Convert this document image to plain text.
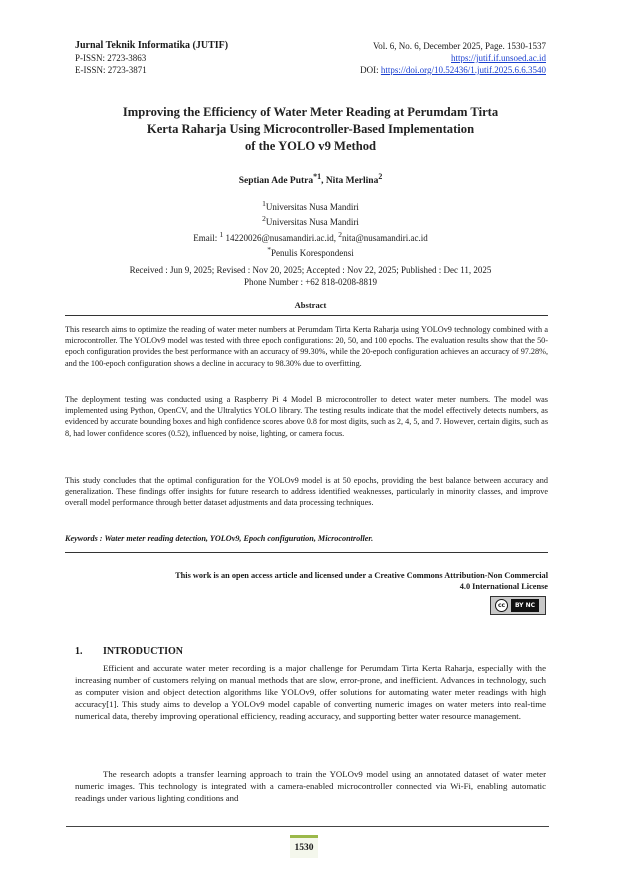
Jurnal Teknik Informatika (JUTIF)
P-ISSN: 2723-3863
E-ISSN: 2723-3871
Vol. 6, No. 6, December 2025, Page. 1530-1537
https://jutif.if.unsoed.ac.id
DOI: https://doi.org/10.52436/1.jutif.2025.6.6.3540
Improving the Efficiency of Water Meter Reading at Perumdam Tirta
Kerta Raharja Using Microcontroller-Based Implementation
of the YOLO v9 Method
Septian Ade Putra$^{*1}$, Nita Merlina$^2$
$^1$Universitas Nusa Mandiri
$^2$Universitas Nusa Mandiri
Email: $^1$ 14220026@nusamandiri.ac.id, $^2$nita@nusamandiri.ac.id
*Penulis Korespondensi
Received : Jun 9, 2025; Revised : Nov 20, 2025; Accepted : Nov 22, 2025; Published : Dec 11, 2025
Phone Number : +62 818-0208-8819
Abstract
This research aims to optimize the reading of water meter numbers at Perumdam Tirta Kerta Raharja using YOLOv9 technology combined with a microcontroller. The YOLOv9 model was tested with three epoch configurations: 20, 50, and 100 epochs. The evaluation results show that the 50-epoch configuration provides the best performance with an accuracy of 99.30%, while the 20-epoch configuration achieves an accuracy of 97.28%, and the 100-epoch configuration shows a decline in accuracy to 98.30% due to overfitting.
The deployment testing was conducted using a Raspberry Pi 4 Model B microcontroller to detect water meter numbers. The model was implemented using Python, OpenCV, and the Ultralytics YOLO library. The testing results indicate that the model effectively detects numbers, as evidenced by accurate bounding boxes and high confidence scores above 0.8 for most digits, such as 2, 4, 5, and 7. However, certain digits, such as 8, had lower confidence scores (0.52), influenced by noise, lighting, or camera focus.
This study concludes that the optimal configuration for the YOLOv9 model is at 50 epochs, providing the best balance between accuracy and generalization. These findings offer insights for future research to address identified weaknesses, particularly in minority classes, and improve overall model performance through better dataset adjustments and data processing techniques.
Keywords : Water meter reading detection, YOLOv9, Epoch configuration, Microcontroller.
This work is an open access article and licensed under a Creative Commons Attribution-Non Commercial
4.0 International License
cc	BY NC
1. INTRODUCTION
Efficient and accurate water meter recording is a major challenge for Perumdam Tirta Kerta Raharja, especially with the increasing number of customers relying on manual methods that are slow, error-prone, and inefficient. Advances in technology, such as computer vision and object detection algorithms like YOLOv9, offer solutions for automating water meter readings with high accuracy[1]. This study aims to develop a YOLOv9 model capable of converting numeric images on water meters into real-time numerical data, thereby improving operational efficiency, reading accuracy, and supporting better water resource management.
The research adopts a transfer learning approach to train the YOLOv9 model using an annotated dataset of water meter numeric images. This technology is integrated with a camera-enabled microcontroller connected via Wi-Fi, enabling automatic readings under various lighting conditions and
1530
